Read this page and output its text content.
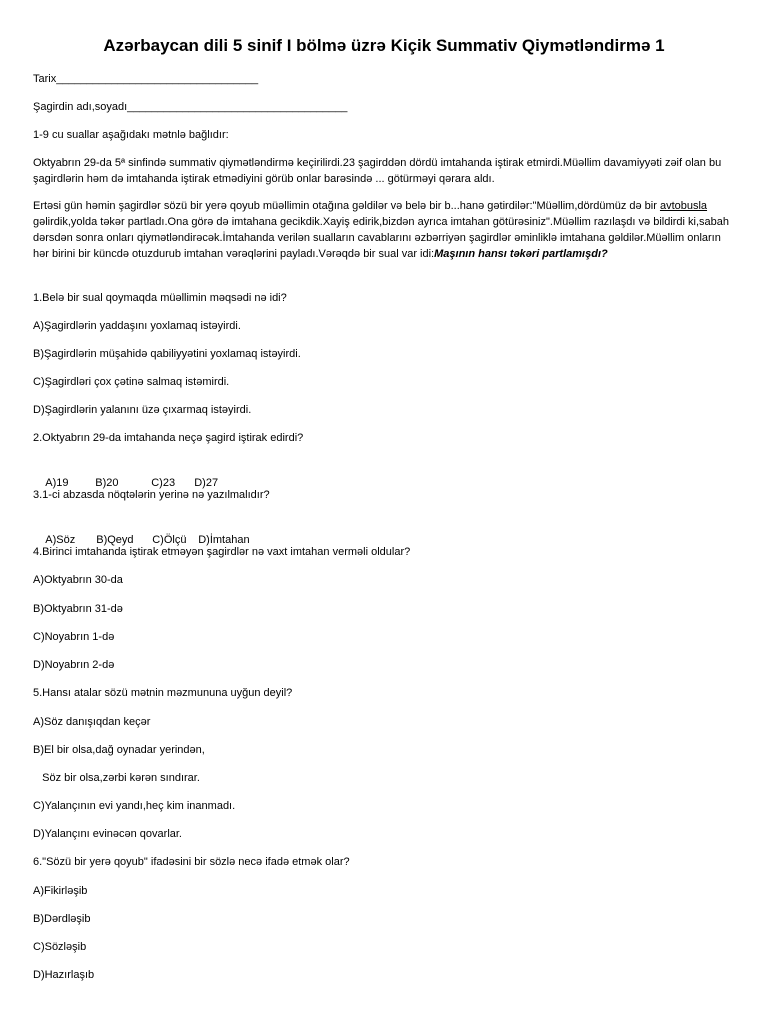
Azərbaycan dili 5 sinif I bölmə üzrə Kiçik Summativ Qiymətləndirmə 1
Tarix_________________________________
Şagirdin adı,soyadı____________________________________
1-9 cu suallar aşağıdakı mətnlə bağlıdır:
Oktyabrın 29-da 5ª sinfində summativ qiymətləndirmə keçirilirdi.23 şagirddən dördü imtahanda iştirak etmirdi.Müəllim davamiyyəti zəif olan bu şagirdlərin həm də imtahanda iştirak etmədiyini görüb onlar barəsində ... götürməyi qərara aldı.
Ertəsi gün həmin şagirdlər sözü bir yerə qoyub müəllimin otağına gəldilər və belə bir b...hanə gətirdilər:"Müəllim,dördümüz də bir avtobusla gəlirdik,yolda təkər partladı.Ona görə də imtahana gecikdik.Xayiş edirik,bizdən ayrıca imtahan götürəsiniz".Müəllim razılaşdı və bildirdi ki,sabah dərsdən sonra onları qiymətləndirəcək.İmtahanda verilən sualların cavablarını əzbərriyən şagirdlər əminliklə imtahana gəldilər.Müəllim onların hər birini bir küncdə otuzdurub imtahan vərəqlərini payladı.Vərəqdə bir sual var idi:Maşının hansı təkəri partlamışdı?
1.Belə bir sual qoymaqda müəllimin məqsədi nə idi?
A)Şagirdlərin yaddaşını yoxlamaq istəyirdi.
B)Şagirdlərin müşahidə qabiliyyətini yoxlamaq istəyirdi.
C)Şagirdləri çox çətinə salmaq istəmirdi.
D)Şagirdlərin yalanını üzə çıxarmaq istəyirdi.
2.Oktyabrın 29-da imtahanda neçə şagird iştirak edirdi?

A)19 B)20	C)23 D)27

3.1-ci abzasda nöqtələrin yerinə nə yazılmalıdır?

A)Söz B)Qeyd C)Ölçü D)İmtahan

4.Birinci imtahanda iştirak etməyən şagirdlər nə vaxt imtahan verməli oldular?
A)Oktyabrın 30-da
B)Oktyabrın 31-də
C)Noyabrın 1-də
D)Noyabrın 2-də
5.Hansı atalar sözü mətnin məzmununa uyğun deyil?
A)Söz danışıqdan keçər
B)El bir olsa,dağ oynadar yerindən,
Söz bir olsa,zərbi kərən sındırar.
C)Yalançının evi yandı,heç kim inanmadı.
D)Yalançını evinəcən qovarlar.
6."Sözü bir yerə qoyub" ifadəsini bir sözlə necə ifadə etmək olar?
A)Fikirləşib
B)Dərdləşib
C)Sözləşib
D)Hazırlaşıb
